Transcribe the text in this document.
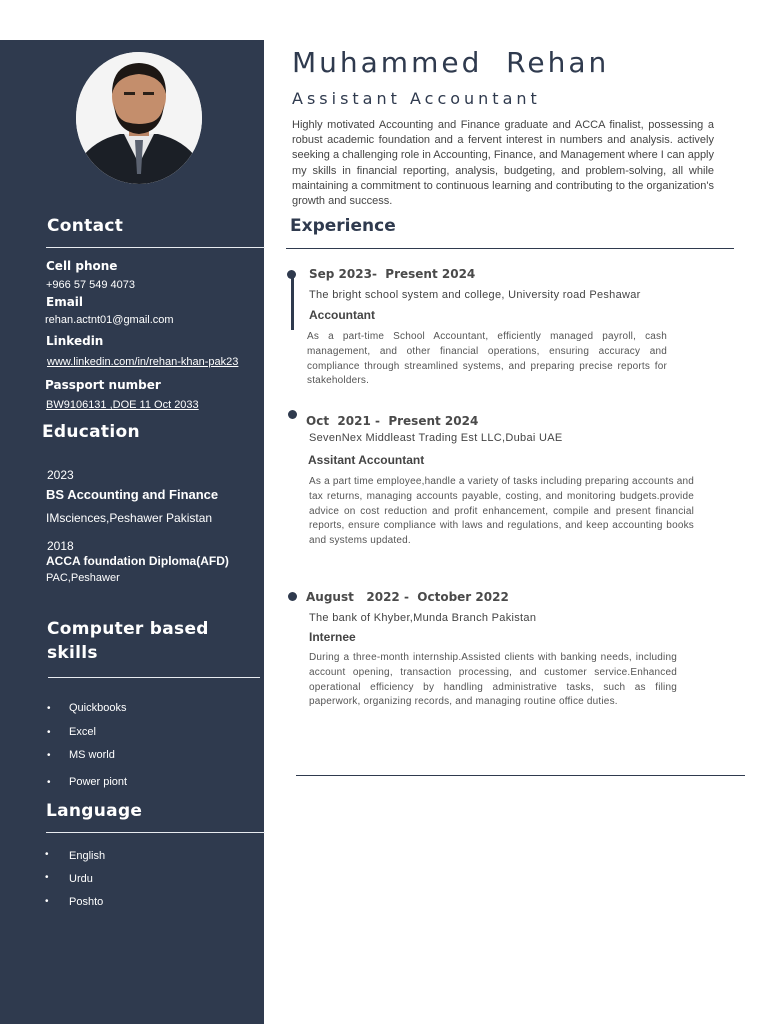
Contact
Cell phone
+966 57 549 4073
Email
rehan.actnt01@gmail.com
Linkedin
www.linkedin.com/in/rehan-khan-pak23
Passport number
BW9106131 ,DOE 11 Oct 2033
Education
2023
BS Accounting and Finance
IMsciences,Peshawer Pakistan
2018
ACCA foundation Diploma(AFD)
PAC,Peshawer
Computer based
skills
• Quickbooks
• Excel
• MS world
• Power piont
Language
• English
• Urdu
• Poshto
Muhammed  Rehan
Assistant Accountant
Highly motivated Accounting and Finance graduate and ACCA finalist, possessing a robust academic foundation and a fervent interest in numbers and analysis. actively seeking a challenging role in Accounting, Finance, and Management where I can apply my skills in financial reporting, analysis, budgeting, and problem-solving, all while maintaining a commitment to continuous learning and contributing to the organization's growth and success.
Experience
Sep 2023-  Present 2024
The bright school system and college, University road Peshawar
Accountant
As a part-time School Accountant, efficiently managed payroll, cash management, and other financial operations, ensuring accuracy and compliance through streamlined systems, and preparing precise reports for stakeholders.
Oct  2021 -  Present 2024
SevenNex Middleast Trading Est LLC,Dubai UAE
Assitant Accountant
As a part time employee,handle a variety of tasks including preparing accounts and tax returns, managing accounts payable, costing, and monitoring budgets.provide advice on cost reduction and profit enhancement, compile and present financial reports, ensure compliance with laws and regulations, and keep accounting books and systems updated.
August   2022 -  October 2022
The bank of Khyber,Munda Branch Pakistan
Internee
During a three-month internship.Assisted clients with banking needs, including account opening, transaction processing, and customer service.Enhanced operational efficiency by handling administrative tasks, such as filing paperwork, organizing records, and managing routine office duties.
